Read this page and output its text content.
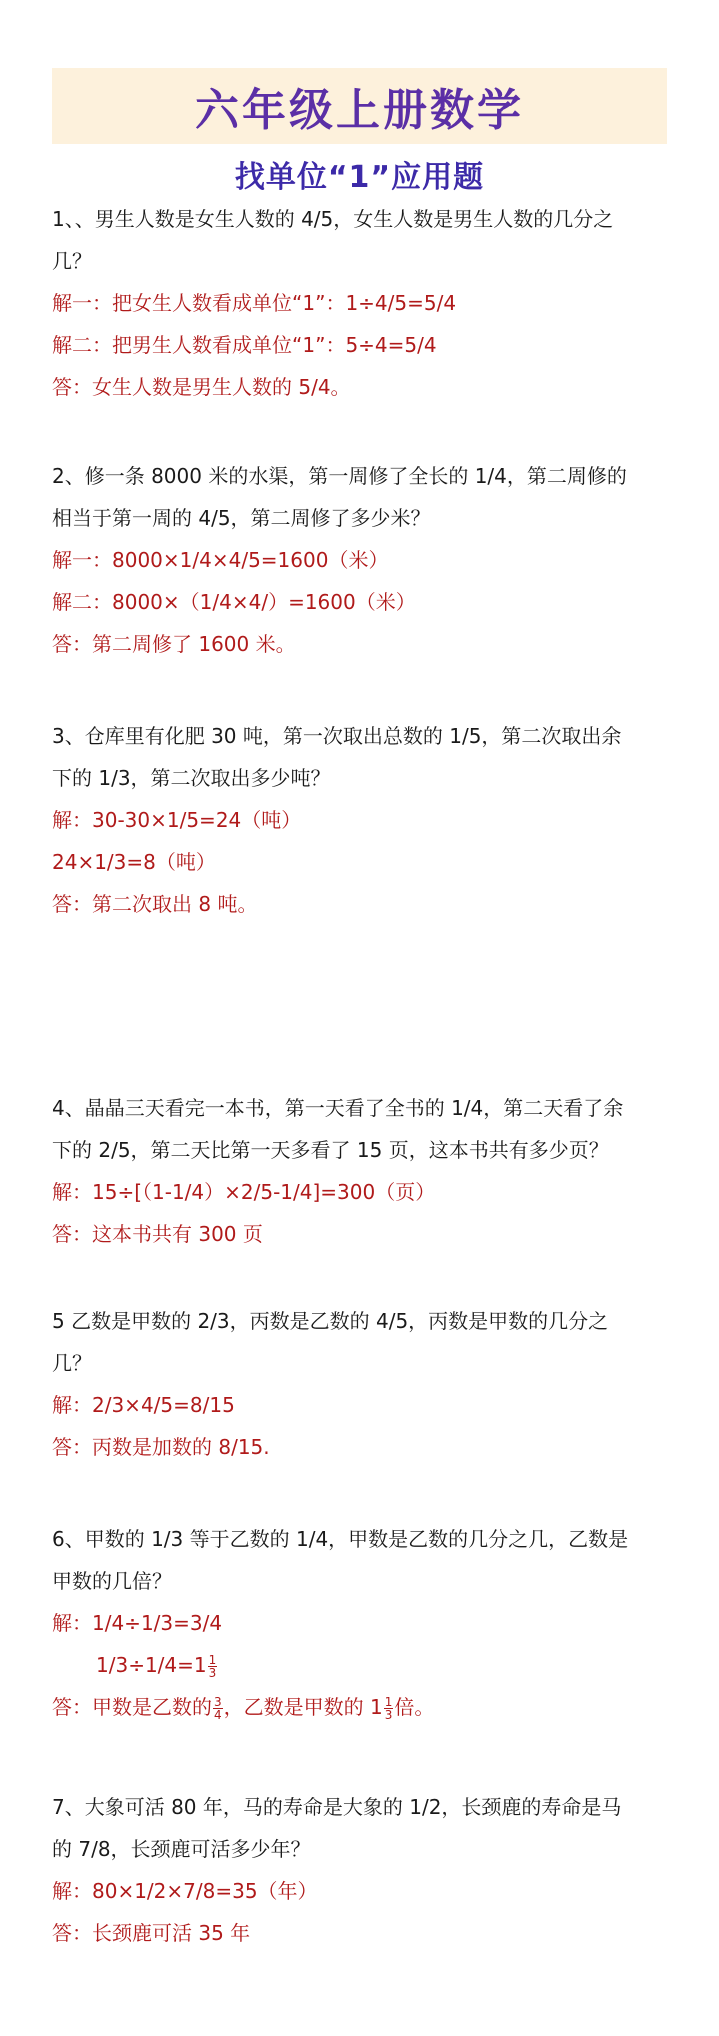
六年级上册数学
找单位“1”应用题
1、、男生人数是女生人数的 4/5，女生人数是男生人数的几分之
几？
解一：把女生人数看成单位“1”：1÷4/5=5/4
解二：把男生人数看成单位“1”：5÷4=5/4
答：女生人数是男生人数的 5/4。
2、修一条 8000 米的水渠，第一周修了全长的 1/4，第二周修的
相当于第一周的 4/5，第二周修了多少米？
解一：8000×1/4×4/5=1600（米）
解二：8000×（1/4×4/）=1600（米）
答：第二周修了 1600 米。
3、仓库里有化肥 30 吨，第一次取出总数的 1/5，第二次取出余
下的 1/3，第二次取出多少吨？
解：30-30×1/5=24（吨）
24×1/3=8（吨）
答：第二次取出 8 吨。
4、晶晶三天看完一本书，第一天看了全书的 1/4，第二天看了余
下的 2/5，第二天比第一天多看了 15 页，这本书共有多少页？
解：15÷[（1-1/4）×2/5-1/4]=300（页）
答：这本书共有 300 页
5 乙数是甲数的 2/3，丙数是乙数的 4/5，丙数是甲数的几分之
几？
解：2/3×4/5=8/15
答：丙数是加数的 8/15.
6、甲数的 1/3 等于乙数的 1/4，甲数是乙数的几分之几，乙数是
甲数的几倍？
解：1/4÷1/3=3/4
$1/3\div 1/4=1 \frac{1}{3}$
答：甲数是乙数的 $\frac{3}{4}$ ，乙数是甲数的 $1 \frac{1}{3}$ 倍。
7、大象可活 80 年，马的寿命是大象的 1/2，长颈鹿的寿命是马
的 7/8，长颈鹿可活多少年？
解：80×1/2×7/8=35（年）
答：长颈鹿可活 35 年
